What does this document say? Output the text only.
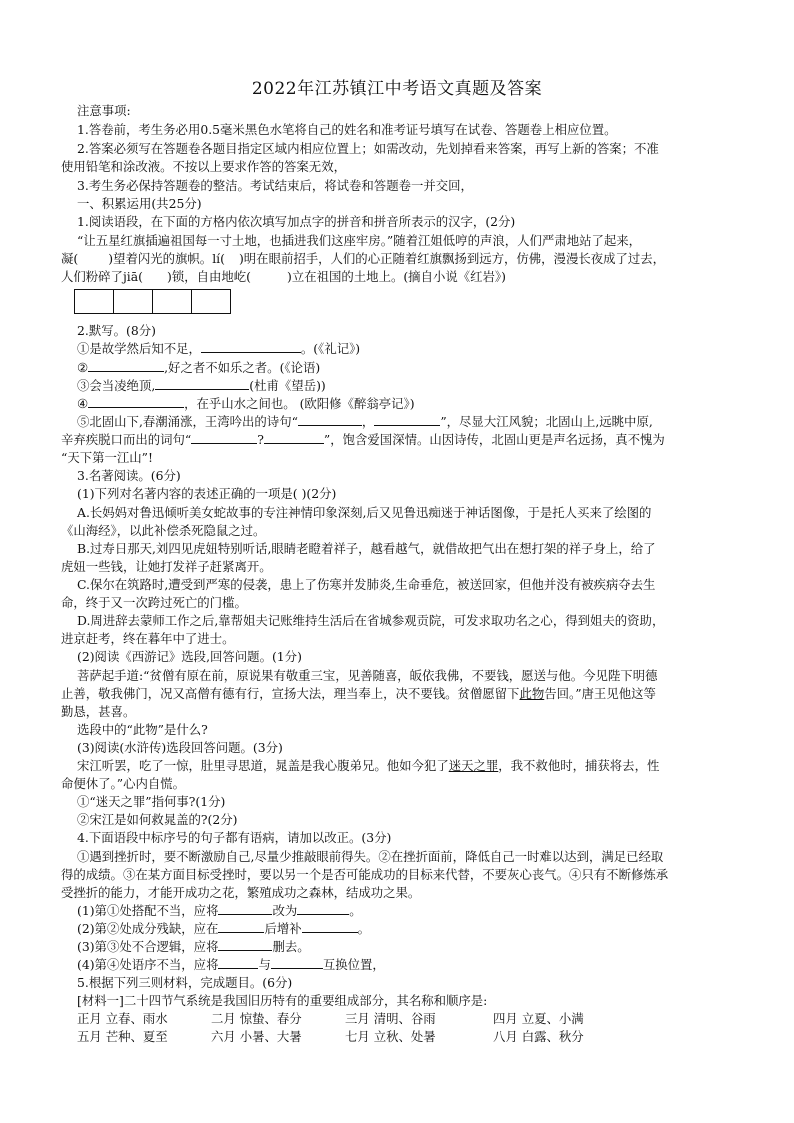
2022年江苏镇江中考语文真题及答案
注意事项:
1.答卷前，考生务必用0.5毫米黑色水笔将自己的姓名和准考证号填写在试卷、答题卷上相应位置。
2.答案必须写在答题卷各题目指定区域内相应位置上；如需改动，先划掉看来答案，再写上新的答案；不准
使用铅笔和涂改液。不按以上要求作答的答案无效，
3.考生务必保持答题卷的整洁。考试结束后，将试卷和答题卷一并交回，
一、积累运用(共25分)
1.阅读语段，在下面的方格内依次填写加点字的拼音和拼音所表示的汉字，(2分)
“让五星红旗插遍祖国每一寸土地，也插进我们这座牢房。”随着江姐低哼的声浪，人们严肃地站了起来，
凝( )望着闪光的旗帜。lí( )明在眼前招手，人们的心正随着红旗飘扬到远方，仿佛，漫漫长夜成了过去，
人们粉碎了jiā( )锁，自由地屹(	)立在祖国的土地上。(摘自小说《红岩》)
2.默写。(8分)
①是故学然后知不足，	。(《礼记》)
②	,好之者不如乐之者。(《论语)
③会当凌绝顶,	(杜甫《望岳))
④	，在乎山水之间也。 (欧阳修《醉翁亭记》)
⑤北固山下,春潮涌涨，王湾吟出的诗句“	，	”，尽显大江风貌；北固山上,远眺中原,
辛弃疾脱口而出的词句“	?	”，饱含爱国深情。山因诗传，北固山更是声名远扬，真不愧为
“天下第一江山”!
3.名著阅读。(6分)
(1)下列对名著内容的表述正确的一项是( )(2分)
A.长妈妈对鲁迅倾听美女蛇故事的专注神情印象深刻,后又见鲁迅痴迷于神话图像，于是托人买来了绘图的
《山海经》，以此补偿杀死隐鼠之过。
B.过寿日那天,刘四见虎妞特别听话,眼睛老瞪着祥子，越看越气，就借故把气出在想打架的祥子身上，给了
虎妞一些钱，让她打发祥子赶紧离开。
C.保尔在筑路时,遭受到严寒的侵袭，患上了伤寒并发肺炎,生命垂危，被送回家，但他并没有被疾病夺去生
命，终于又一次跨过死亡的门槛。
D.周进辞去蒙师工作之后,靠帮姐夫记账维持生活后在省城参观贡院，可发求取功名之心，得到姐夫的资助，
进京赶考，终在暮年中了进士。
(2)阅读《西游记》选段,回答问题。(1分)
菩萨起手道:“贫僧有原在前，原说果有敬重三宝，见善随喜，皈依我佛，不要钱，愿送与他。今见陛下明德
止善，敬我佛门，况又高僧有德有行，宣扬大法，理当奉上，决不要钱。贫僧愿留下此物告回。”唐王见他这等
勤恳，甚喜。
选段中的“此物”是什么?
(3)阅读(水浒传)选段回答问题。(3分)
宋江听罢，吃了一惊，肚里寻思道，晁盖是我心腹弟兄。他如今犯了迷天之罪，我不救他时，捕获将去，性
命便休了。”心内自慌。
①“迷天之罪”指何事?(1分)
②宋江是如何救晁盖的?(2分)
4.下面语段中标序号的句子都有语病，请加以改正。(3分)
①遇到挫折时，要不断激励自己,尽量少推敲眼前得失。②在挫折面前，降低自己一时难以达到，满足已经取
得的成绩。③在某方面目标受挫时，要以另一个是否可能成功的目标来代替，不要灰心丧气。④只有不断修炼承
受挫折的能力，才能开成功之花，繁殖成功之森林，结成功之果。
(1)第①处搭配不当，应将	改为	。
(2)第②处成分残缺，应在	后增补	。
(3)第③处不合逻辑，应将	删去。
(4)第④处语序不当，应将	与	互换位置，
5.根据下列三则材料，完成题目。(6分)
[材料一]二十四节气系统是我国旧历特有的重要组成部分，其名称和顺序是:
正月 立春、雨水	二月 惊蛰、春分	三月 清明、谷雨	四月 立夏、小满
五月 芒种、夏至	六月 小暑、大暑	七月 立秋、处暑	八月 白露、秋分
